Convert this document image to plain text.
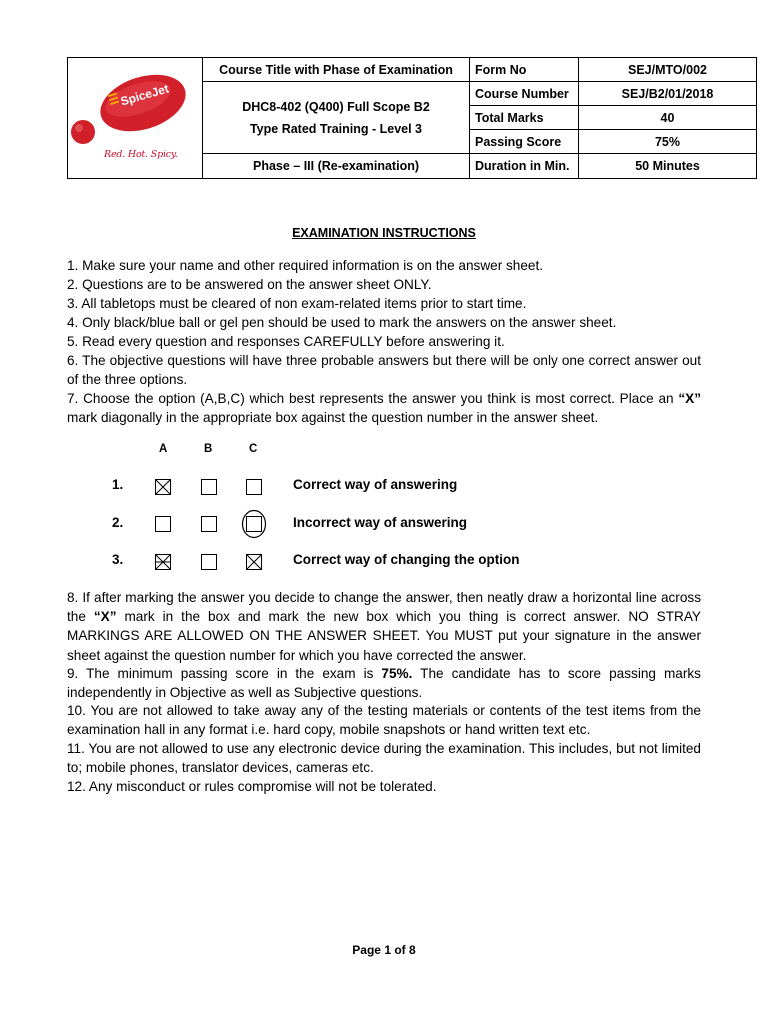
SpiceJet
Red. Hot. Spicy.
Course Title with Phase of Examination
DHC8-402 (Q400) Full Scope B2
Type Rated Training - Level 3
Phase – III (Re-examination)
Form No	SEJ/MTO/002
Course Number	SEJ/B2/01/2018
Total Marks	40
Passing Score	75%
Duration in Min.	50 Minutes
EXAMINATION INSTRUCTIONS
1. Make sure your name and other required information is on the answer sheet.
2. Questions are to be answered on the answer sheet ONLY.
3. All tabletops must be cleared of non exam-related items prior to start time.
4. Only black/blue ball or gel pen should be used to mark the answers on the answer sheet.
5. Read every question and responses CAREFULLY before answering it.
6. The objective questions will have three probable answers but there will be only one correct answer out of the three options.
7. Choose the option (A,B,C) which best represents the answer you think is most correct. Place an “X” mark diagonally in the appropriate box against the question number in the answer sheet.
A	B	C
1.	Correct way of answering
2.	Incorrect way of answering
3.	Correct way of changing the option
8. If after marking the answer you decide to change the answer, then neatly draw a horizontal line across the “X” mark in the box and mark the new box which you thing is correct answer. NO STRAY MARKINGS ARE ALLOWED ON THE ANSWER SHEET. You MUST put your signature in the answer sheet against the question number for which you have corrected the answer.
9. The minimum passing score in the exam is 75%. The candidate has to score passing marks independently in Objective as well as Subjective questions.
10. You are not allowed to take away any of the testing materials or contents of the test items from the examination hall in any format i.e. hard copy, mobile snapshots or hand written text etc.
11. You are not allowed to use any electronic device during the examination. This includes, but not limited to; mobile phones, translator devices, cameras etc.
12. Any misconduct or rules compromise will not be tolerated.
Page 1 of 8
